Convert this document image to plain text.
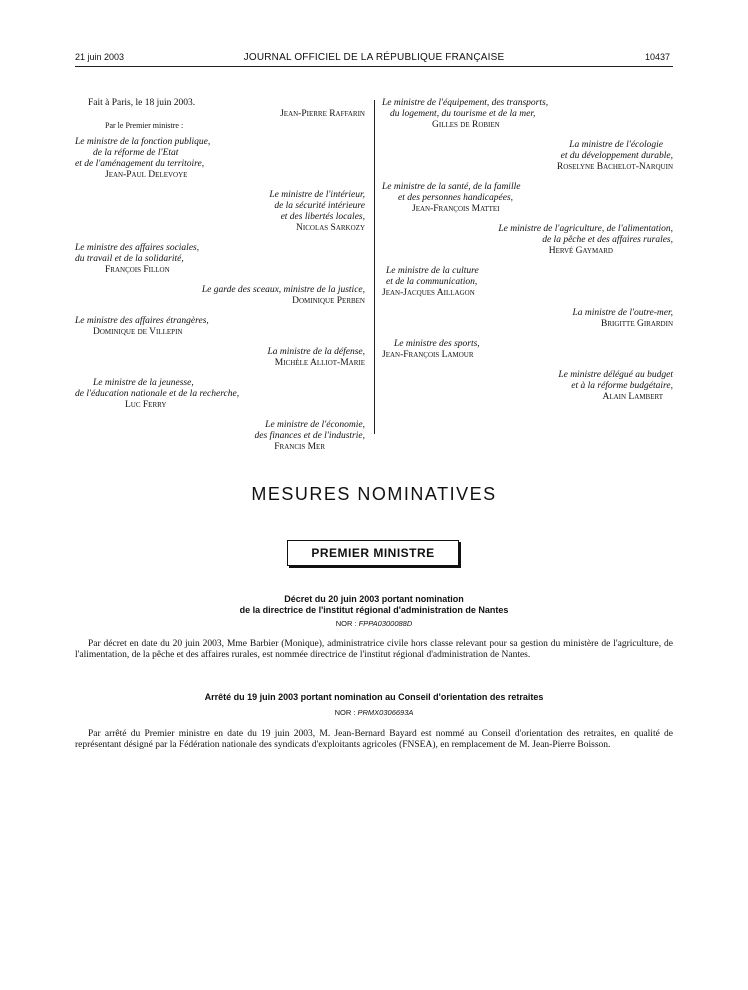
21 juin 2003	JOURNAL OFFICIEL DE LA RÉPUBLIQUE FRANÇAISE	10437
Fait à Paris, le 18 juin 2003.
Jean-Pierre Raffarin
Par le Premier ministre :
Le ministre de la fonction publique,
de la réforme de l'Etat
et de l'aménagement du territoire,
Jean-Paul Delevoye
Le ministre de l'intérieur,
de la sécurité intérieure
et des libertés locales,
Nicolas Sarkozy
Le ministre des affaires sociales,
du travail et de la solidarité,
François Fillon
Le garde des sceaux, ministre de la justice,
Dominique Perben
Le ministre des affaires étrangères,
Dominique de Villepin
La ministre de la défense,
Michèle Alliot-Marie
Le ministre de la jeunesse,
de l'éducation nationale et de la recherche,
Luc Ferry
Le ministre de l'économie,
des finances et de l'industrie,
Francis Mer
Le ministre de l'équipement, des transports,
du logement, du tourisme et de la mer,
Gilles de Robien
La ministre de l'écologie
et du développement durable,
Roselyne Bachelot-Narquin
Le ministre de la santé, de la famille
et des personnes handicapées,
Jean-François Mattei
Le ministre de l'agriculture, de l'alimentation,
de la pêche et des affaires rurales,
Hervé Gaymard
Le ministre de la culture
et de la communication,
Jean-Jacques Aillagon
La ministre de l'outre-mer,
Brigitte Girardin
Le ministre des sports,
Jean-François Lamour
Le ministre délégué au budget
et à la réforme budgétaire,
Alain Lambert
MESURES NOMINATIVES
PREMIER MINISTRE
Décret du 20 juin 2003 portant nomination
de la directrice de l'institut régional d'administration de Nantes
NOR : FPPA0300088D
Par décret en date du 20 juin 2003, Mme Barbier (Monique), administratrice civile hors classe relevant pour sa gestion du ministère de l'agriculture, de l'alimentation, de la pêche et des affaires rurales, est nommée directrice de l'institut régional d'administration de Nantes.
Arrêté du 19 juin 2003 portant nomination au Conseil d'orientation des retraites
NOR : PRMX0306693A
Par arrêté du Premier ministre en date du 19 juin 2003, M. Jean-Bernard Bayard est nommé au Conseil d'orientation des retraites, en qualité de représentant désigné par la Fédération nationale des syndicats d'exploitants agricoles (FNSEA), en remplacement de M. Jean-Pierre Boisson.
